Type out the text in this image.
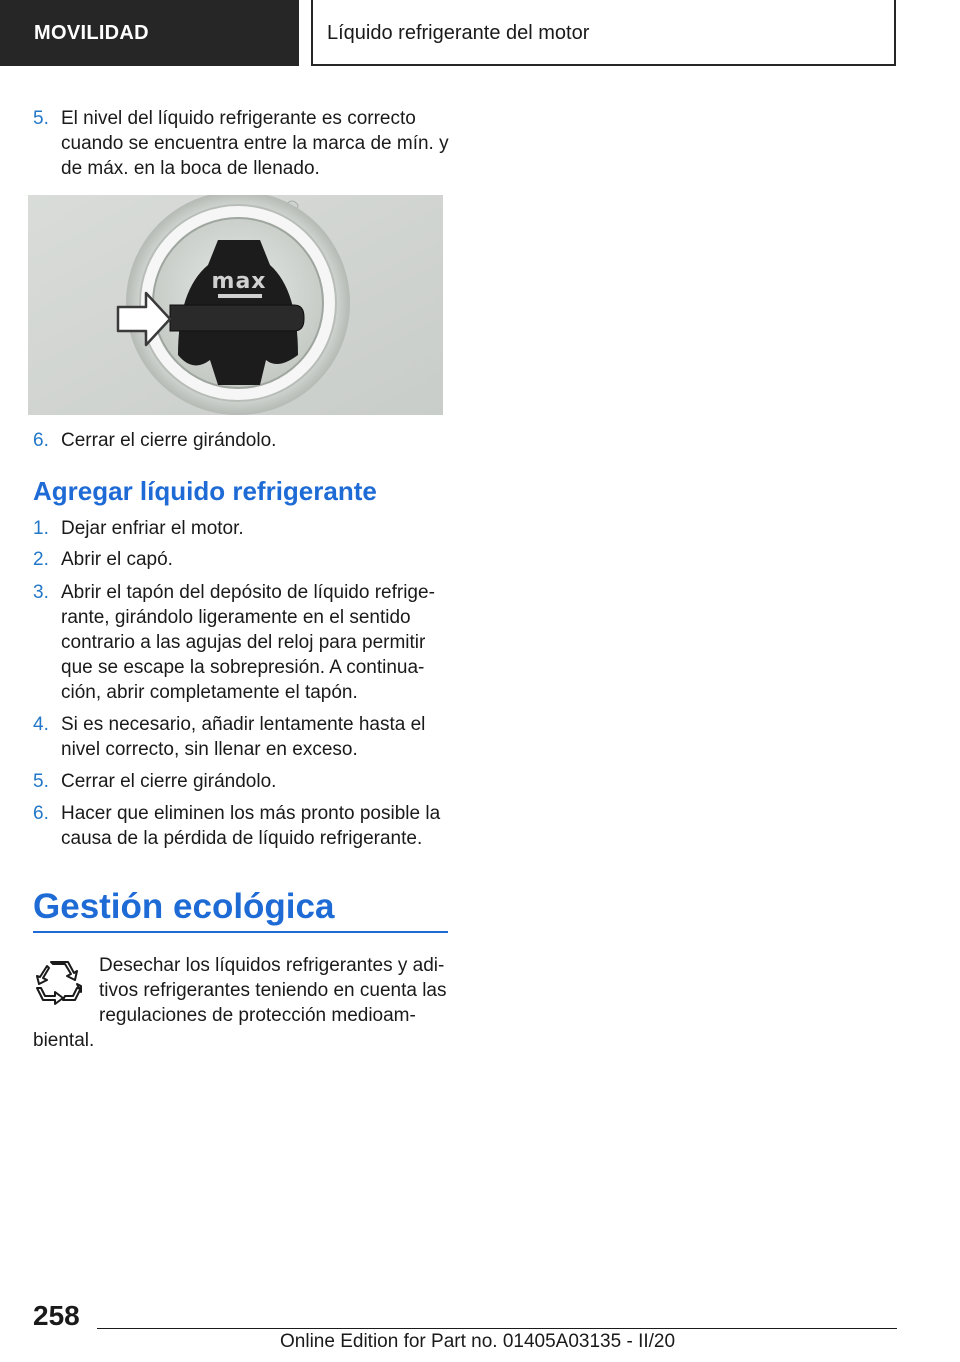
MOVILIDAD	Líquido refrigerante del motor
5. El nivel del líquido refrigerante es correcto cuando se encuentra entre la marca de mín. y de máx. en la boca de llenado.
max
6. Cerrar el cierre girándolo.
Agregar líquido refrigerante
1. Dejar enfriar el motor.
2. Abrir el capó.
3. Abrir el tapón del depósito de líquido refrigerante, girándolo ligeramente en el sentido contrario a las agujas del reloj para permitir que se escape la sobrepresión. A continuación, abrir completamente el tapón.
4. Si es necesario, añadir lentamente hasta el nivel correcto, sin llenar en exceso.
5. Cerrar el cierre girándolo.
6. Hacer que eliminen los más pronto posible la causa de la pérdida de líquido refrigerante.
Gestión ecológica
Desechar los líquidos refrigerantes y aditivos refrigerantes teniendo en cuenta las regulaciones de protección medioambiental.
258
Online Edition for Part no. 01405A03135 - II/20
